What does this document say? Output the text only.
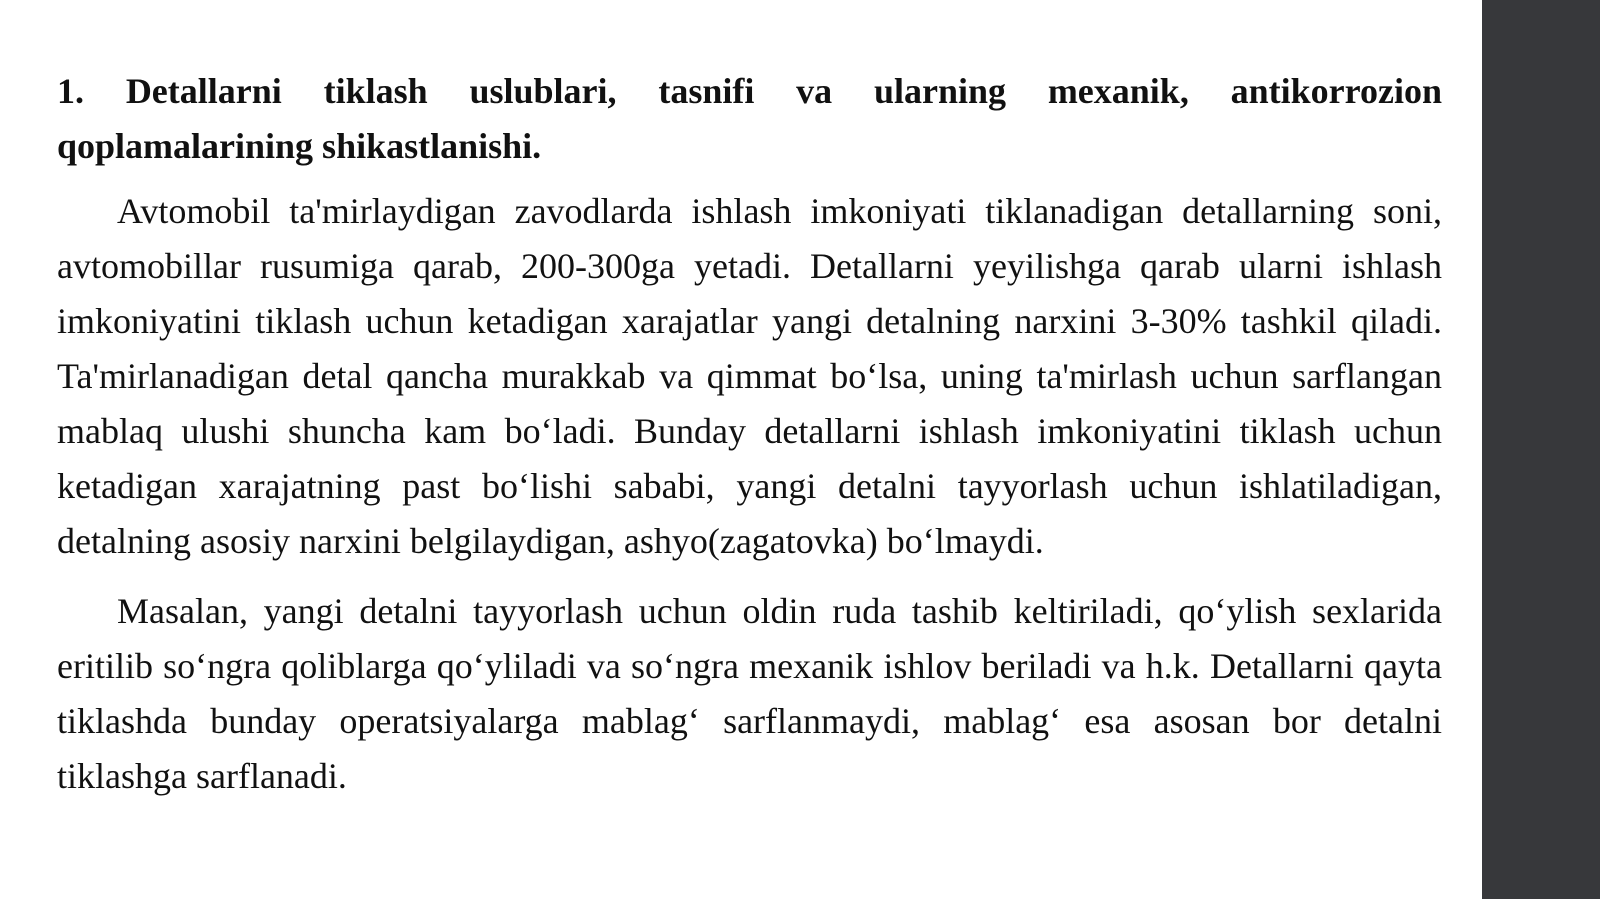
1. Detallarni tiklash uslublari, tasnifi va ularning mexanik, antikorrozion qoplamalarining shikastlanishi.

Avtomobil ta'mirlaydigan zavodlarda ishlash imkoniyati tiklanadigan detallarning soni, avtomobillar rusumiga qarab, 200-300ga yetadi. Detallarni yeyilishga qarab ularni ishlash imkoniyatini tiklash uchun ketadigan xarajatlar yangi detalning narxini 3-30% tashkil qiladi. Ta'mirlanadigan detal qancha murakkab va qimmat bo‘lsa, uning ta'mirlash uchun sarflangan mablaq ulushi shuncha kam bo‘ladi. Bunday detallarni ishlash imkoniyatini tiklash uchun ketadigan xarajatning past bo‘lishi sababi, yangi detalni tayyorlash uchun ishlatiladigan, detalning asosiy narxini belgilaydigan, ashyo(zagatovka) bo‘lmaydi.

Masalan, yangi detalni tayyorlash uchun oldin ruda tashib keltiriladi, qo‘ylish sexlarida eritilib so‘ngra qoliblarga qo‘yliladi va so‘ngra mexanik ishlov beriladi va h.k. Detallarni qayta tiklashda bunday operatsiyalarga mablag‘ sarflanmaydi, mablag‘ esa asosan bor detalni tiklashga sarflanadi.
